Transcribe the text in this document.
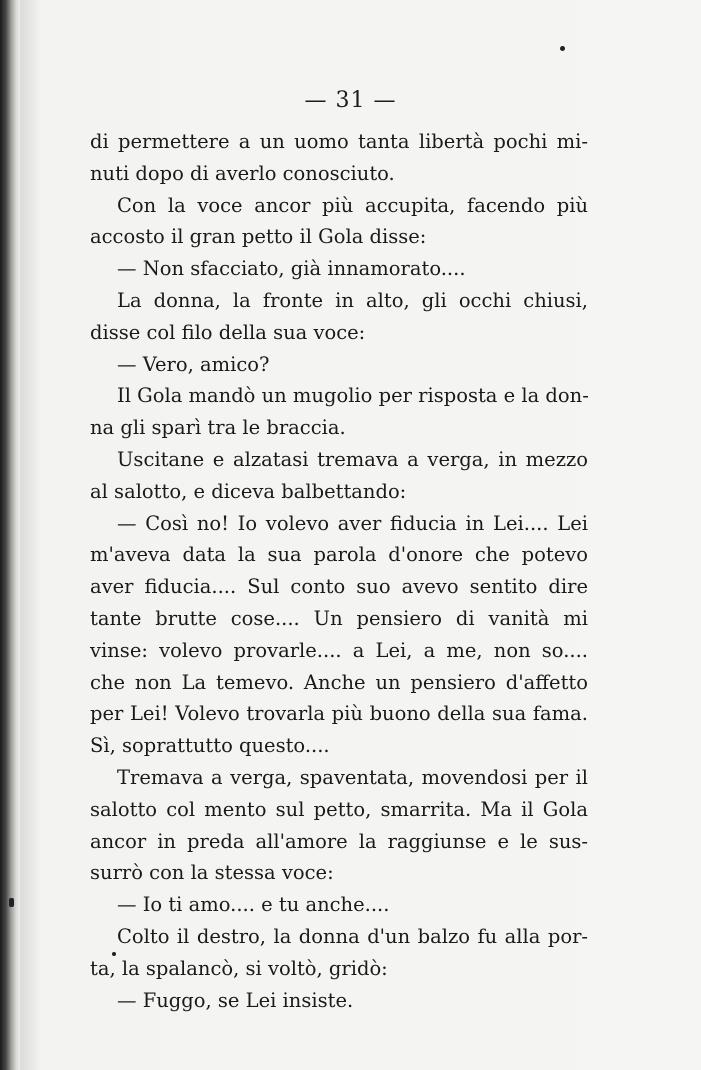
— 31 —
di permettere a un uomo tanta libertà pochi mi-
nuti dopo di averlo conosciuto.
Con la voce ancor più accupita, facendo più
accosto il gran petto il Gola disse:
— Non sfacciato, già innamorato....
La donna, la fronte in alto, gli occhi chiusi,
disse col filo della sua voce:
— Vero, amico?
Il Gola mandò un mugolio per risposta e la don-
na gli sparì tra le braccia.
Uscitane e alzatasi tremava a verga, in mezzo
al salotto, e diceva balbettando:
— Così no! Io volevo aver fiducia in Lei.... Lei
m'aveva data la sua parola d'onore che potevo
aver fiducia.... Sul conto suo avevo sentito dire
tante brutte cose.... Un pensiero di vanità mi
vinse: volevo provarle.... a Lei, a me, non so....
che non La temevo. Anche un pensiero d'affetto
per Lei! Volevo trovarla più buono della sua fama.
Sì, soprattutto questo....
Tremava a verga, spaventata, movendosi per il
salotto col mento sul petto, smarrita. Ma il Gola
ancor in preda all'amore la raggiunse e le sus-
surrò con la stessa voce:
— Io ti amo.... e tu anche....
Colto il destro, la donna d'un balzo fu alla por-
ta, la spalancò, si voltò, gridò:
— Fuggo, se Lei insiste.
